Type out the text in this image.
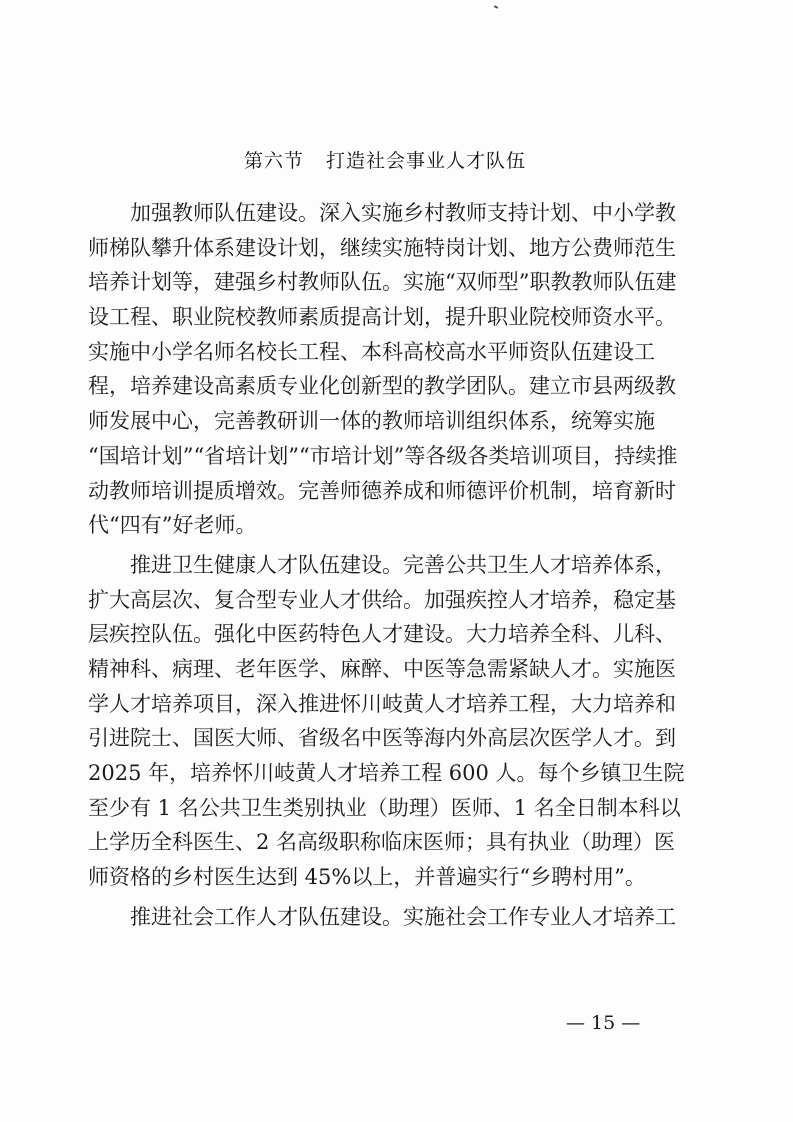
第六节 打造社会事业人才队伍
　　加强教师队伍建设。深入实施乡村教师支持计划、中小学教
师梯队攀升体系建设计划，继续实施特岗计划、地方公费师范生
培养计划等，建强乡村教师队伍。实施“双师型”职教教师队伍建
设工程、职业院校教师素质提高计划，提升职业院校师资水平。
实施中小学名师名校长工程、本科高校高水平师资队伍建设工
程，培养建设高素质专业化创新型的教学团队。建立市县两级教
师发展中心，完善教研训一体的教师培训组织体系，统筹实施
“国培计划”“省培计划”“市培计划”等各级各类培训项目，持续推
动教师培训提质增效。完善师德养成和师德评价机制，培育新时
代“四有”好老师。
　　推进卫生健康人才队伍建设。完善公共卫生人才培养体系，
扩大高层次、复合型专业人才供给。加强疾控人才培养，稳定基
层疾控队伍。强化中医药特色人才建设。大力培养全科、儿科、
精神科、病理、老年医学、麻醉、中医等急需紧缺人才。实施医
学人才培养项目，深入推进怀川岐黄人才培养工程，大力培养和
引进院士、国医大师、省级名中医等海内外高层次医学人才。到
2025 年，培养怀川岐黄人才培养工程 600 人。每个乡镇卫生院
至少有 1 名公共卫生类别执业（助理）医师、1 名全日制本科以
上学历全科医生、2 名高级职称临床医师；具有执业（助理）医
师资格的乡村医生达到 45%以上，并普遍实行“乡聘村用”。
　　推进社会工作人才队伍建设。实施社会工作专业人才培养工
— 15 —
